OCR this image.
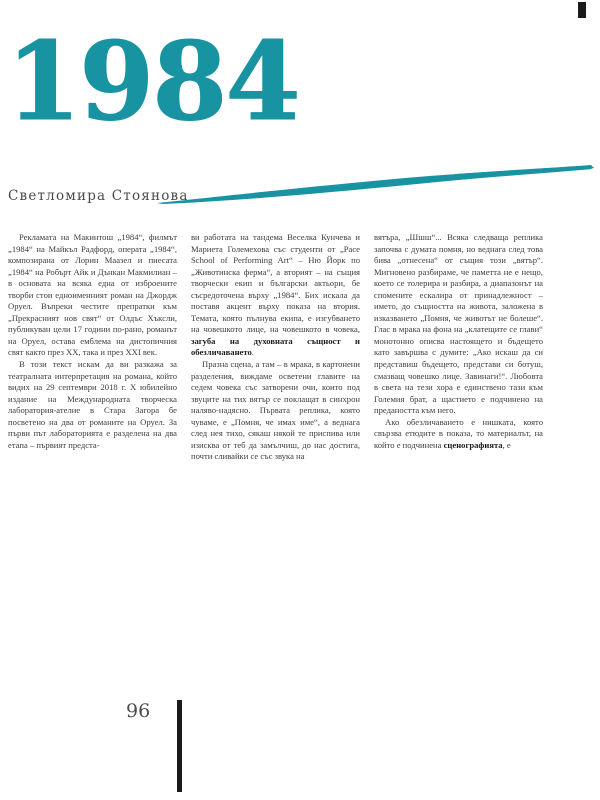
1984
Светломира Стоянова

Рекламата на Макинтош „1984“, филмът „1984“ на Майкъл Радфорд, операта „1984“, композирана от Лорин Маазел и пиесата „1984“ на Робърт Айк и Дънкан Макмилиан – в основата на всяка една от изброените творби стои едноименният роман на Джордж Оруел. Въпреки честите препратки към „Прекрасният нов свят“ от Олдъс Хъксли, публикуван цели 17 години по-рано, романът на Оруел, остава емблема на дистопичния свят както през XX, така и през XXI век.

В този текст искам да ви разкажа за театралната интерпретация на романа, който видих на 29 септември 2018 г. X юбилейно издание на Международната творческа лаборатория-ателие в Стара Загора бе посветено на два от романите на Оруел. За първи път лабораторията е разделена на два етапа – първият предста-

ви работата на тандема Веселка Кунчева и Мариета Големехова със студенти от „Pace School of Performing Art“ – Ню Йорк по „Животинска ферма“, а вторият – на същия творчески екип и български актьори, бе съсредоточена върху „1984“. Бих искала да поставя акцент върху показа на втория. Темата, която пълнува екипа, е изгубването на човешкото лице, на човешкото в човека, загуба на духовната същност и обезличаването.

Празна сцена, а там – в мрака, в картонени разделения, виждаме осветени главите на седем човека със затворени очи, които под звуците на тих вятър се поклащат в синхрон наляво-надясно. Първата реплика, която чуваме, е „Помня, че имах име“, а веднага след нея тихо, сякаш някой те приспива или изисква от теб да замълчиш, до нас достига, почти сливайки се със звука на

вятъра, „Шшш“... Всяка следваща реплика започва с думата помня, но веднага след това бива „отнесена“ от същия този „вятър“. Мигновено разбираме, че паметта не е нещо, което се толерира и разбира, а диапазонът на спомените ескалира от принадлежност – името, до същността на живота, заложена в изказването „Помня, че животът не болеше“. Глас в мрака на фона на „клатещите се глави“ монотонно описва настоящето и бъдещето като завършва с думите: „Ако искаш да си представиш бъдещето, представи си ботуш, смазващ човешко лице. Завинаги!“. Любовта в света на тези хора е единствено тази към Големия брат, а щастието е подчинено на предаността към него.

Ако обезличаването е нишката, която свързва етюдите в показа, то материалът, на който е подчинена сценографията, е

96
